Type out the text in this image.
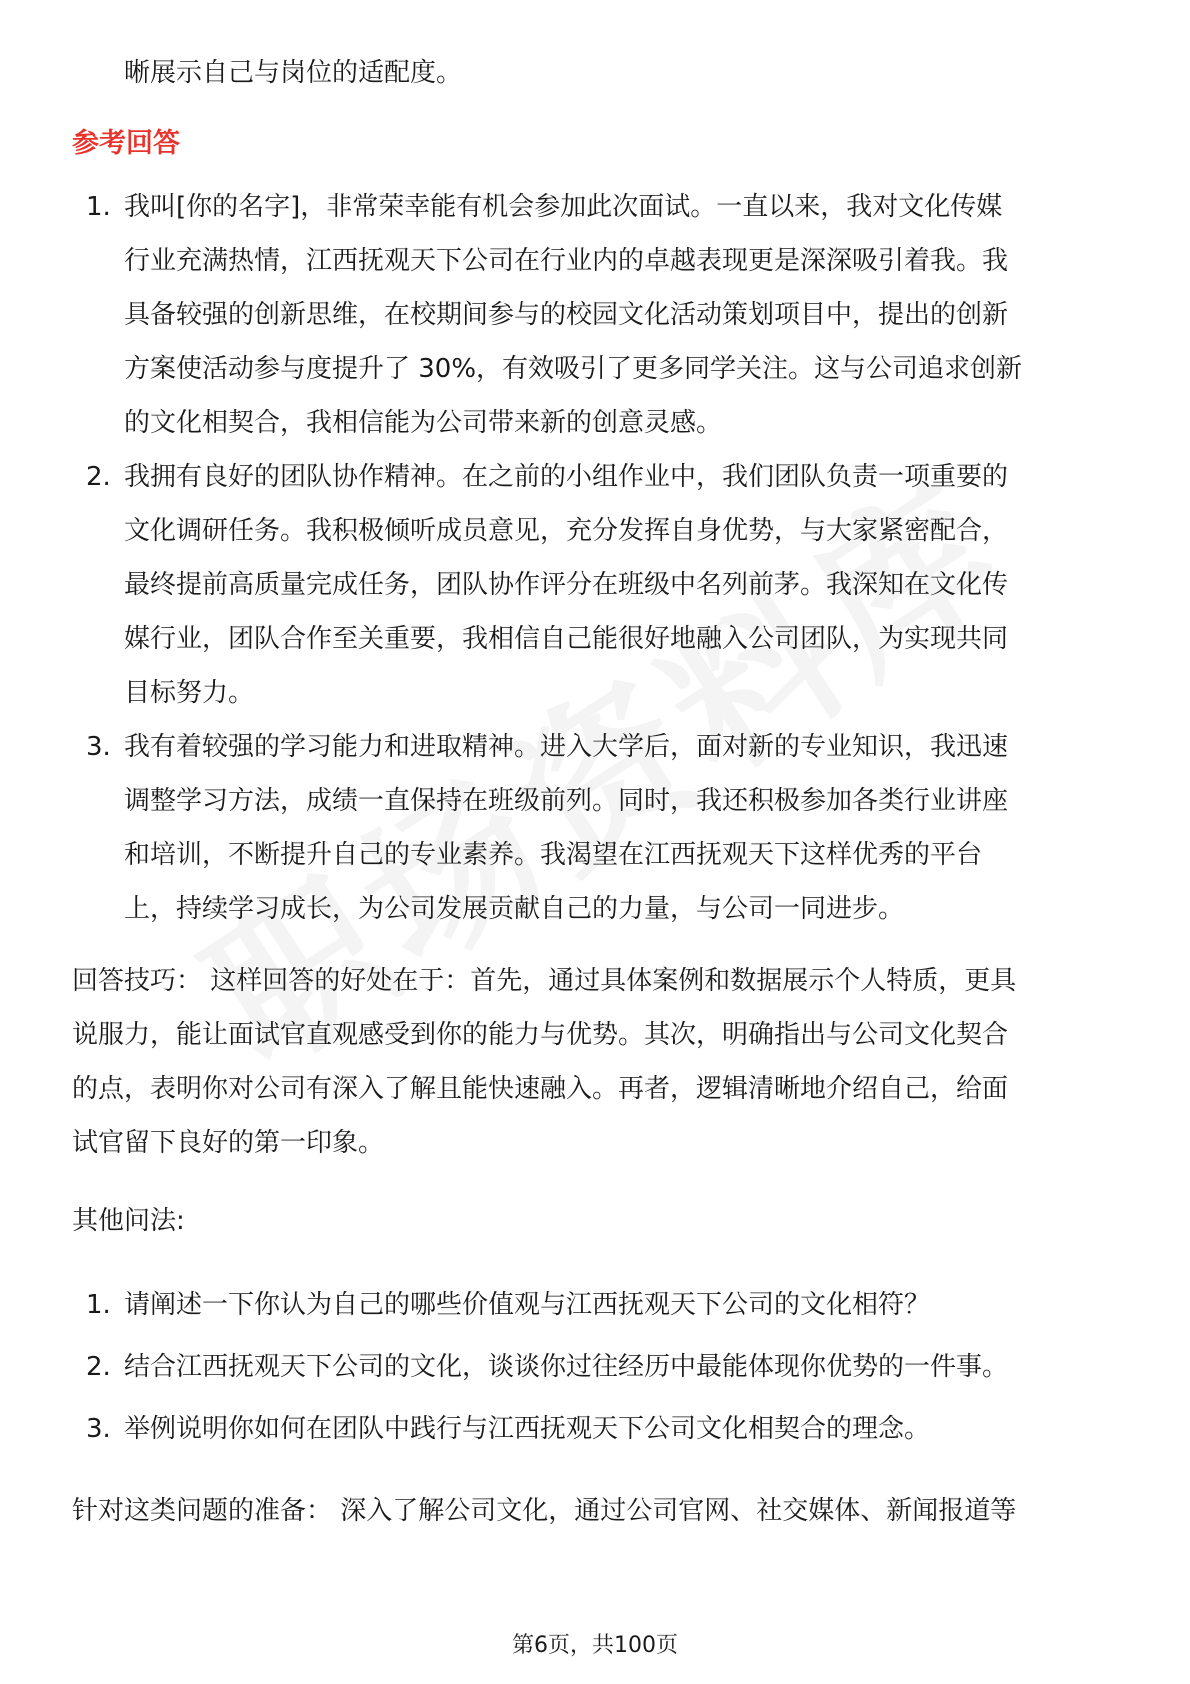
晰展示自己与岗位的适配度。
参考回答
1. 我叫[你的名字]，非常荣幸能有机会参加此次面试。一直以来，我对文化传媒
行业充满热情，江西抚观天下公司在行业内的卓越表现更是深深吸引着我。我
具备较强的创新思维，在校期间参与的校园文化活动策划项目中，提出的创新
方案使活动参与度提升了 30%，有效吸引了更多同学关注。这与公司追求创新
的文化相契合，我相信能为公司带来新的创意灵感。
2. 我拥有良好的团队协作精神。在之前的小组作业中，我们团队负责一项重要的
文化调研任务。我积极倾听成员意见，充分发挥自身优势，与大家紧密配合，
最终提前高质量完成任务，团队协作评分在班级中名列前茅。我深知在文化传
媒行业，团队合作至关重要，我相信自己能很好地融入公司团队，为实现共同
目标努力。
3. 我有着较强的学习能力和进取精神。进入大学后，面对新的专业知识，我迅速
调整学习方法，成绩一直保持在班级前列。同时，我还积极参加各类行业讲座
和培训，不断提升自己的专业素养。我渴望在江西抚观天下这样优秀的平台
上，持续学习成长，为公司发展贡献自己的力量，与公司一同进步。
回答技巧： 这样回答的好处在于：首先，通过具体案例和数据展示个人特质，更具
说服力，能让面试官直观感受到你的能力与优势。其次，明确指出与公司文化契合
的点，表明你对公司有深入了解且能快速融入。再者，逻辑清晰地介绍自己，给面
试官留下良好的第一印象。
其他问法:
1. 请阐述一下你认为自己的哪些价值观与江西抚观天下公司的文化相符？
2. 结合江西抚观天下公司的文化，谈谈你过往经历中最能体现你优势的一件事。
3. 举例说明你如何在团队中践行与江西抚观天下公司文化相契合的理念。
针对这类问题的准备： 深入了解公司文化，通过公司官网、社交媒体、新闻报道等
第6页，共100页
